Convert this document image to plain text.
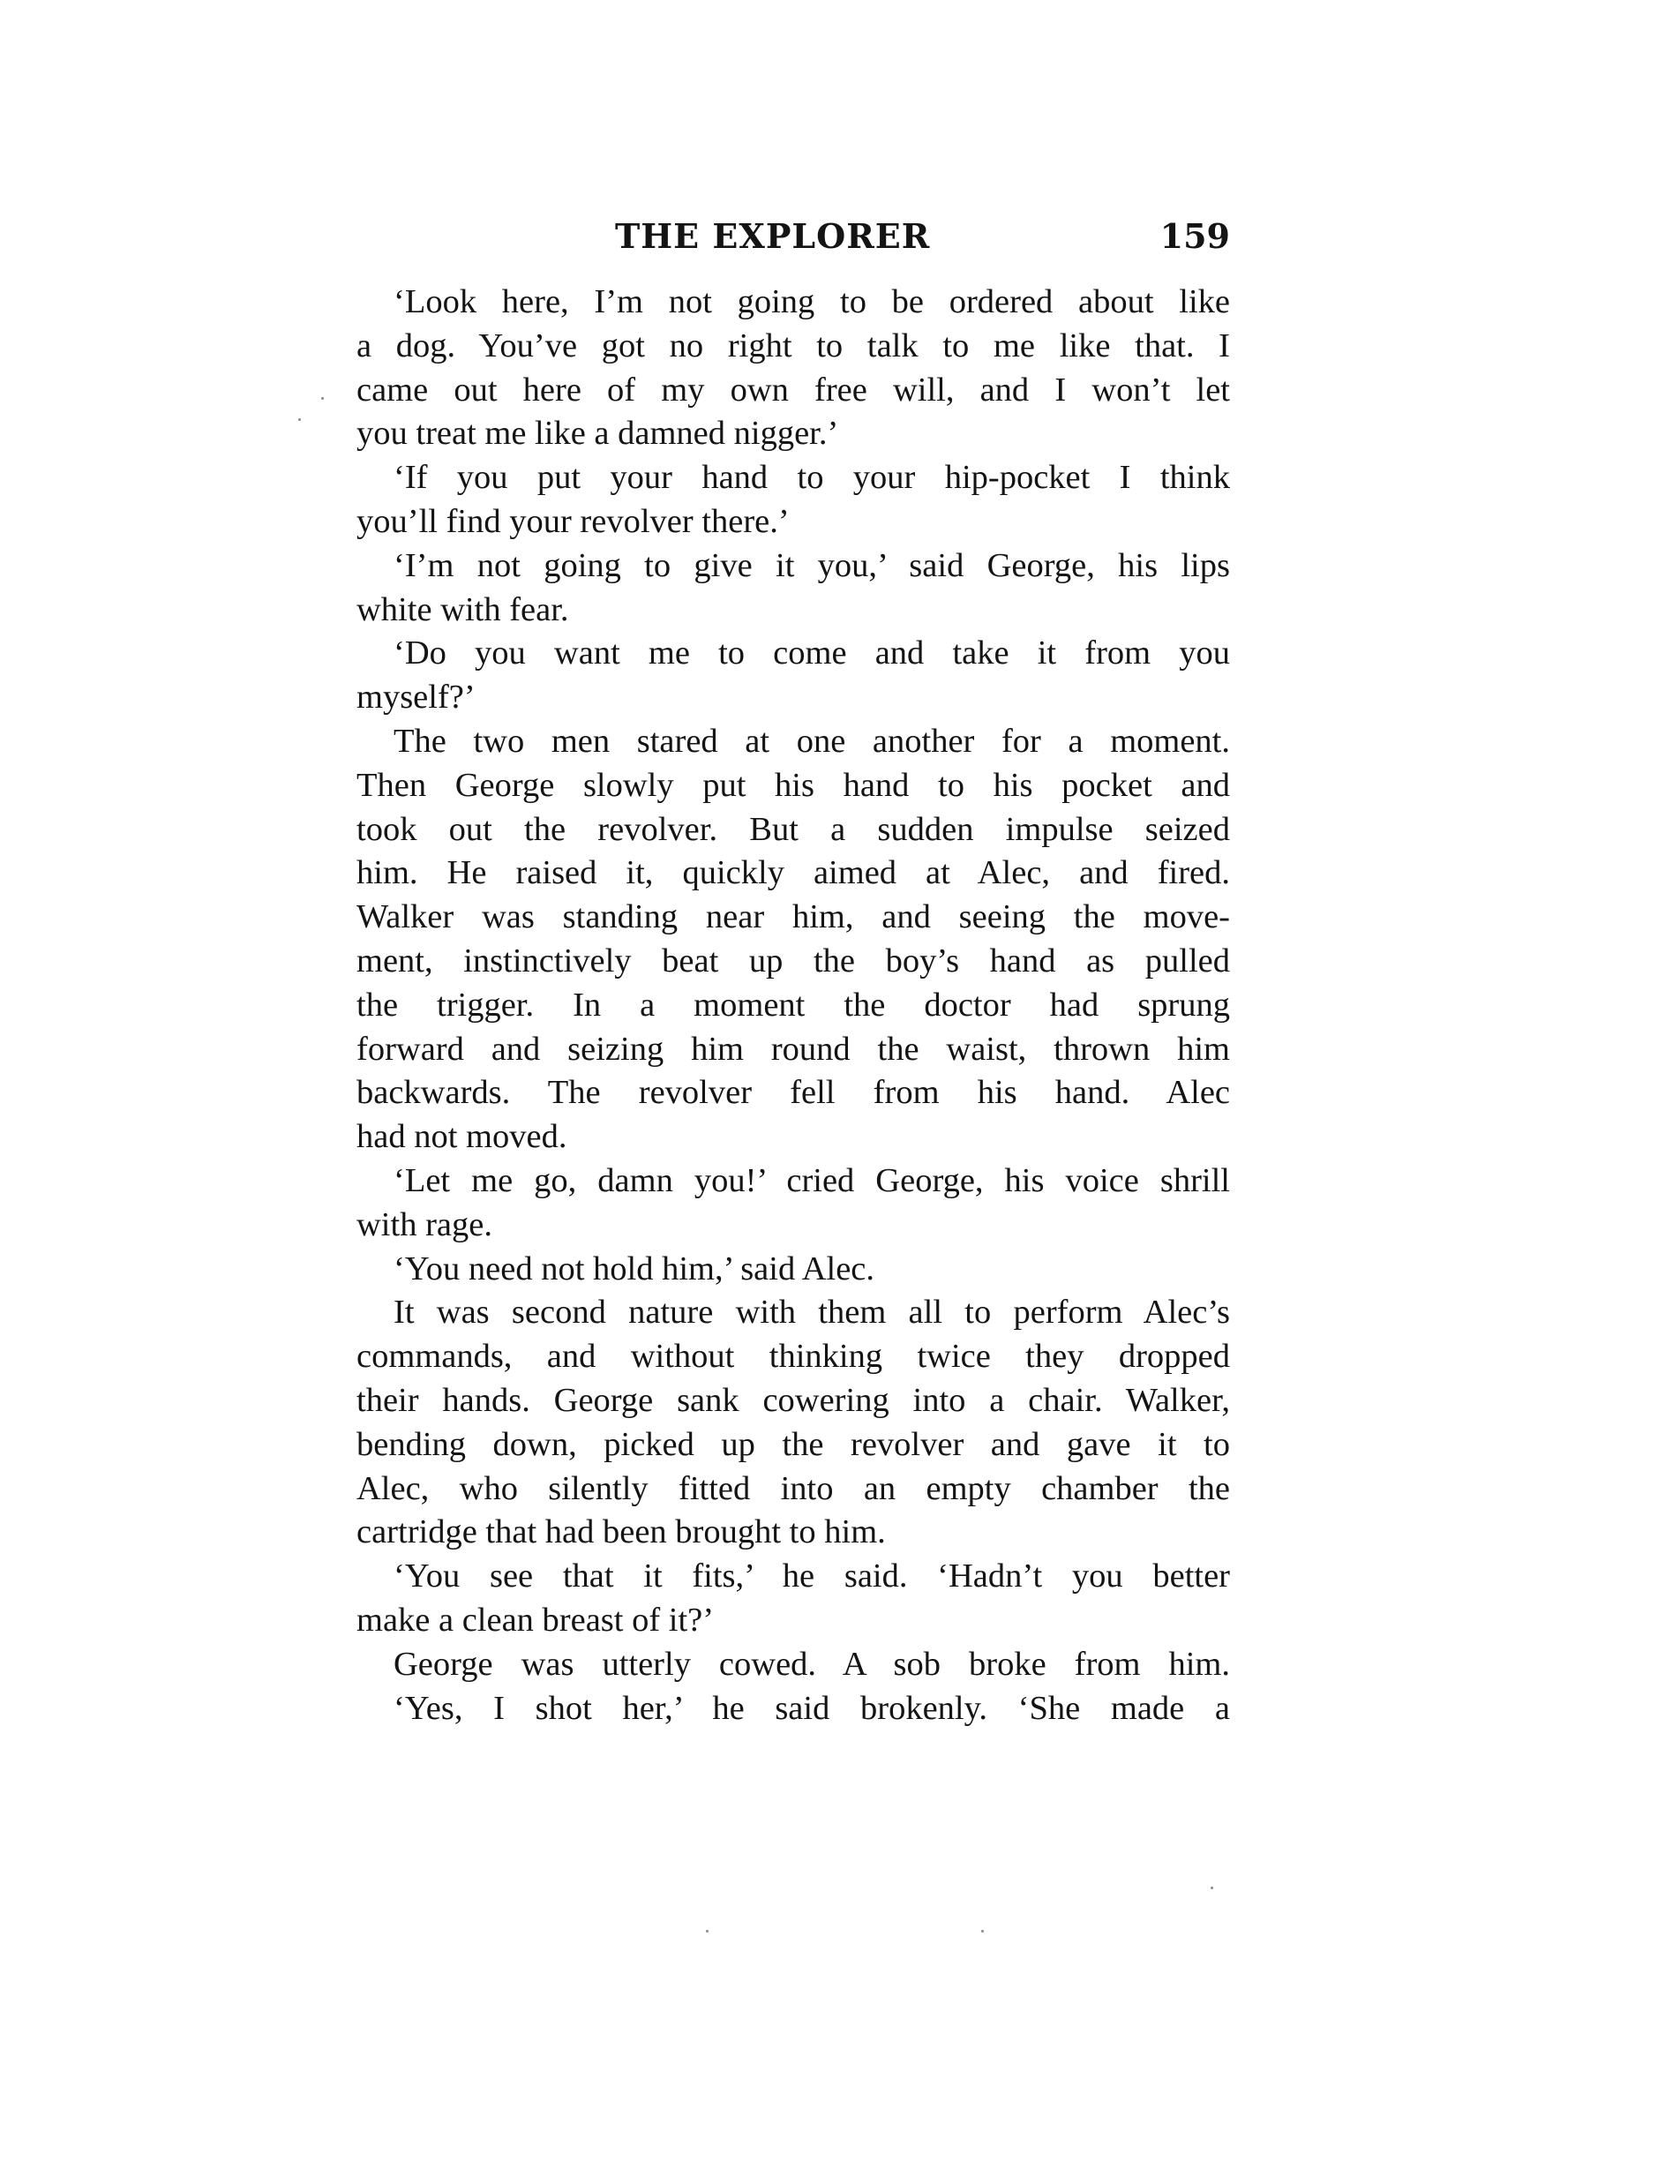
THE EXPLORER	159
‘Look here, I’m not going to be ordered about like
a dog. You’ve got no right to talk to me like that. I
came out here of my own free will, and I won’t let
you treat me like a damned nigger.’
‘If you put your hand to your hip-pocket I think
you’ll find your revolver there.’
‘I’m not going to give it you,’ said George, his lips
white with fear.
‘Do you want me to come and take it from you
myself?’
The two men stared at one another for a moment.
Then George slowly put his hand to his pocket and
took out the revolver. But a sudden impulse seized
him. He raised it, quickly aimed at Alec, and fired.
Walker was standing near him, and seeing the move-
ment, instinctively beat up the boy’s hand as pulled
the trigger. In a moment the doctor had sprung
forward and seizing him round the waist, thrown him
backwards. The revolver fell from his hand. Alec
had not moved.
‘Let me go, damn you!’ cried George, his voice shrill
with rage.
‘You need not hold him,’ said Alec.
It was second nature with them all to perform Alec’s
commands, and without thinking twice they dropped
their hands. George sank cowering into a chair. Walker,
bending down, picked up the revolver and gave it to
Alec, who silently fitted into an empty chamber the
cartridge that had been brought to him.
‘You see that it fits,’ he said. ‘Hadn’t you better
make a clean breast of it?’
George was utterly cowed. A sob broke from him.
‘Yes, I shot her,’ he said brokenly. ‘She made a
